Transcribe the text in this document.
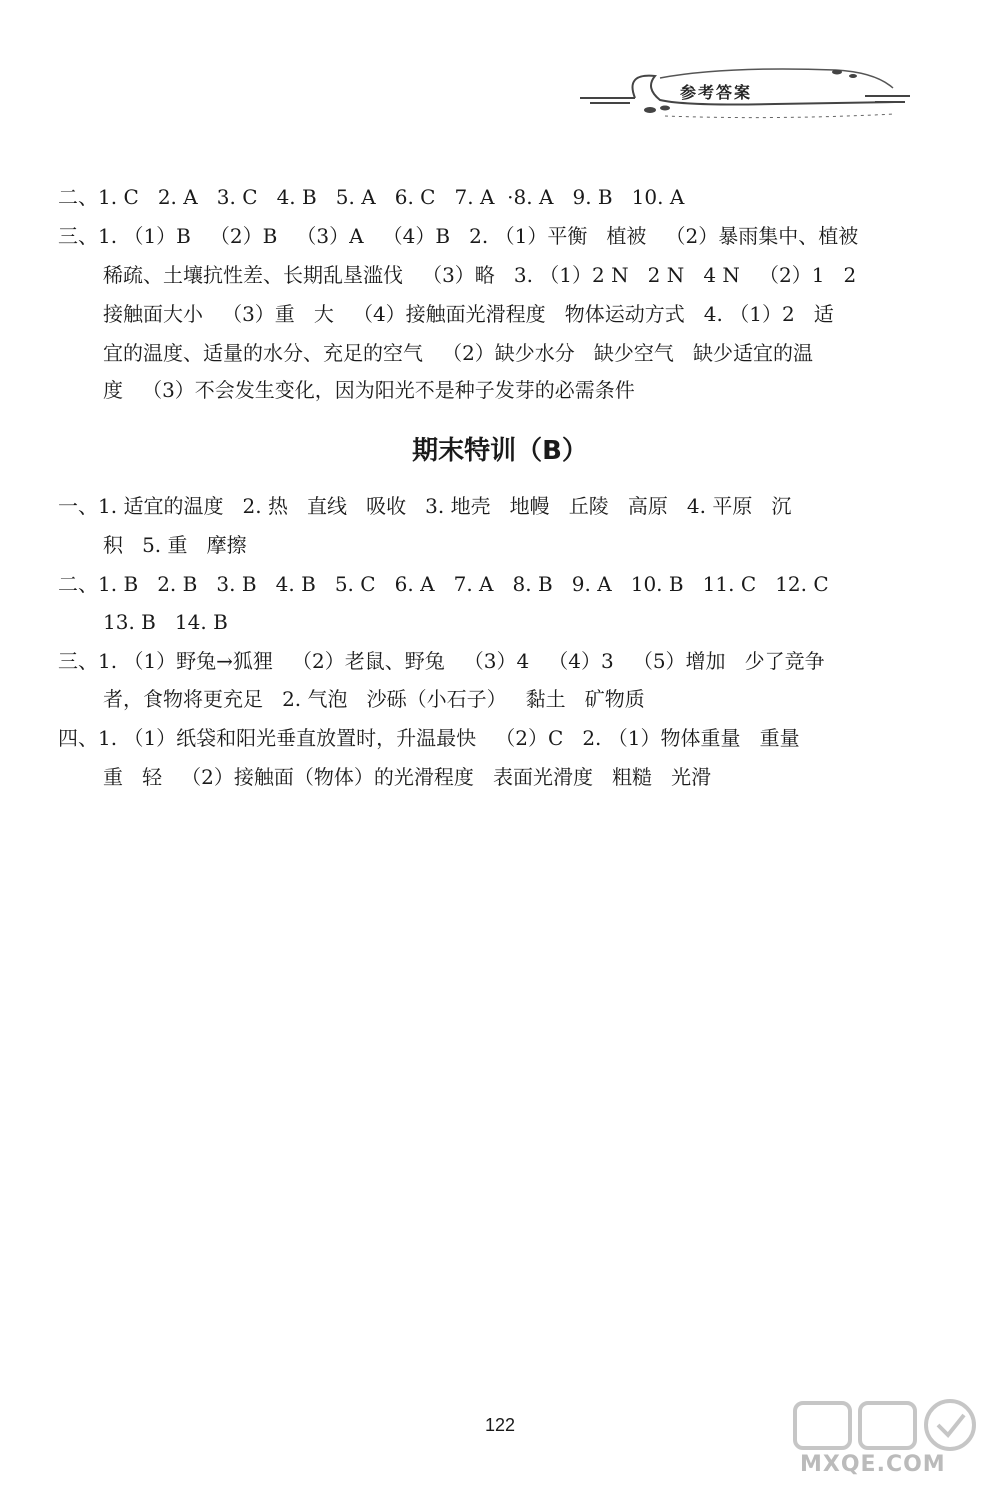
参考答案
二、1. C   2. A   3. C   4. B   5. A   6. C   7. A  ·8. A   9. B   10. A
三、1. （1）B   （2）B   （3）A   （4）B   2. （1）平衡   植被   （2）暴雨集中、植被
稀疏、土壤抗性差、长期乱垦滥伐   （3）略   3. （1）2 N   2 N   4 N   （2）1   2
接触面大小   （3）重   大   （4）接触面光滑程度   物体运动方式   4. （1）2   适
宜的温度、适量的水分、充足的空气   （2）缺少水分   缺少空气   缺少适宜的温
度   （3）不会发生变化，因为阳光不是种子发芽的必需条件
期末特训（B）
一、1. 适宜的温度   2. 热   直线   吸收   3. 地壳   地幔   丘陵   高原   4. 平原   沉
积   5. 重   摩擦
二、1. B   2. B   3. B   4. B   5. C   6. A   7. A   8. B   9. A   10. B   11. C   12. C
13. B   14. B
三、1. （1）野兔→狐狸   （2）老鼠、野兔   （3）4   （4）3   （5）增加   少了竞争
者，食物将更充足   2. 气泡   沙砾（小石子）   黏土   矿物质
四、1. （1）纸袋和阳光垂直放置时，升温最快   （2）C   2. （1）物体重量   重量
重   轻   （2）接触面（物体）的光滑程度   表面光滑度   粗糙   光滑
122
MXQE.COM
